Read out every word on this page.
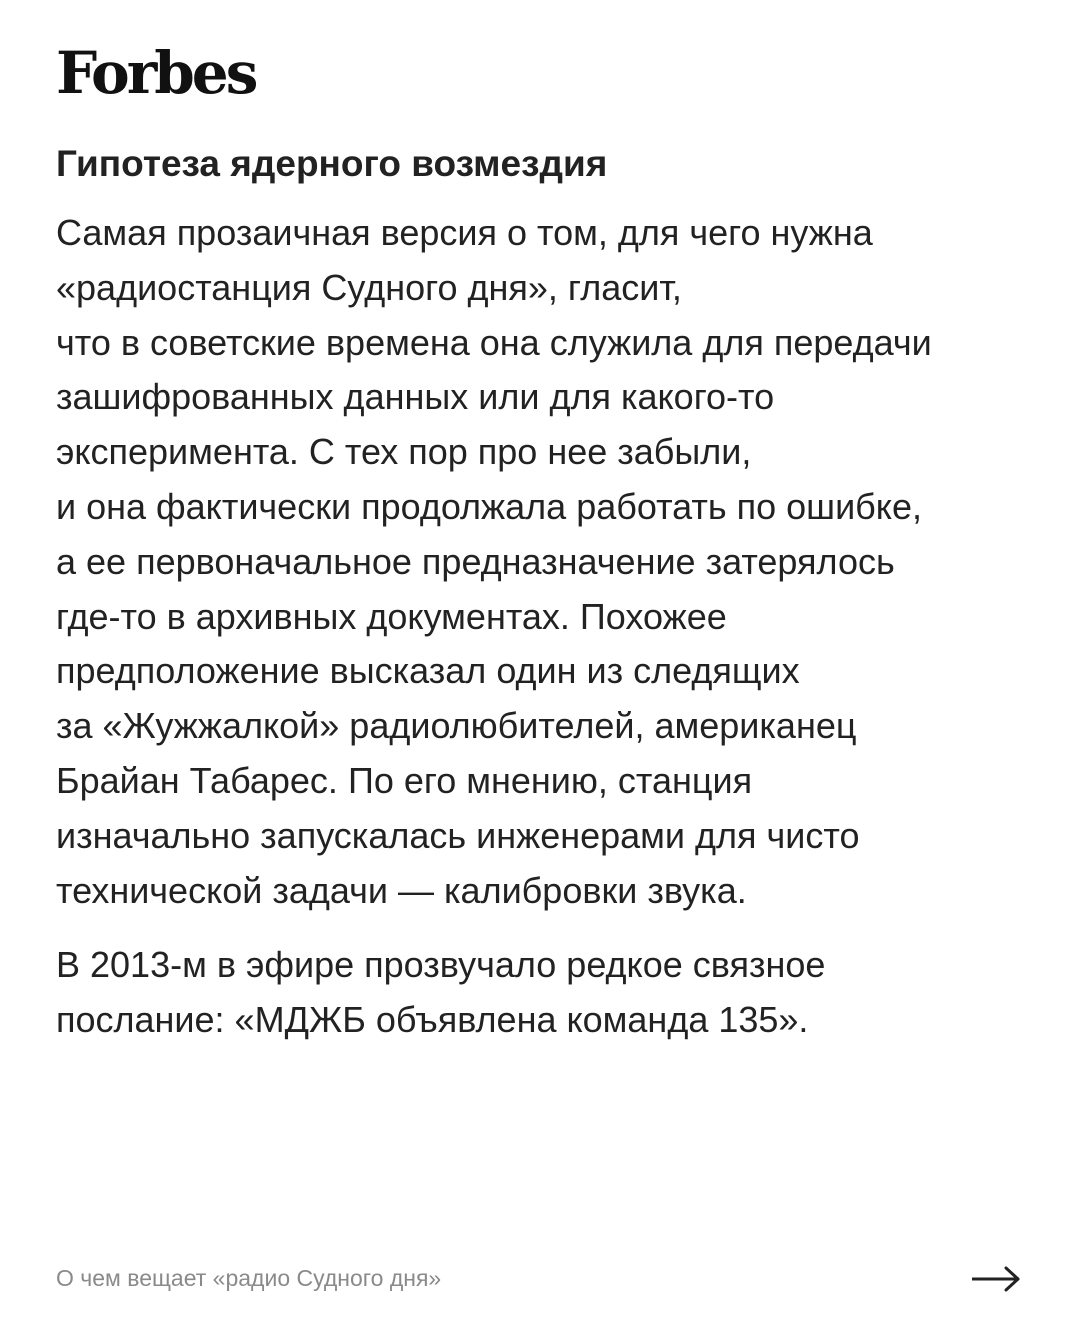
Forbes
Гипотеза ядерного возмездия

Самая прозаичная версия о том, для чего нужна
«радиостанция Судного дня», гласит,
что в советские времена она служила для передачи
зашифрованных данных или для какого-то
эксперимента. С тех пор про нее забыли,
и она фактически продолжала работать по ошибке,
а ее первоначальное предназначение затерялось
где-то в архивных документах. Похожее
предположение высказал один из следящих
за «Жужжалкой» радиолюбителей, американец
Брайан Табарес. По его мнению, станция
изначально запускалась инженерами для чисто
технической задачи — калибровки звука.

В 2013-м в эфире прозвучало редкое связное
послание: «МДЖБ объявлена команда 135».

О чем вещает «радио Судного дня»
